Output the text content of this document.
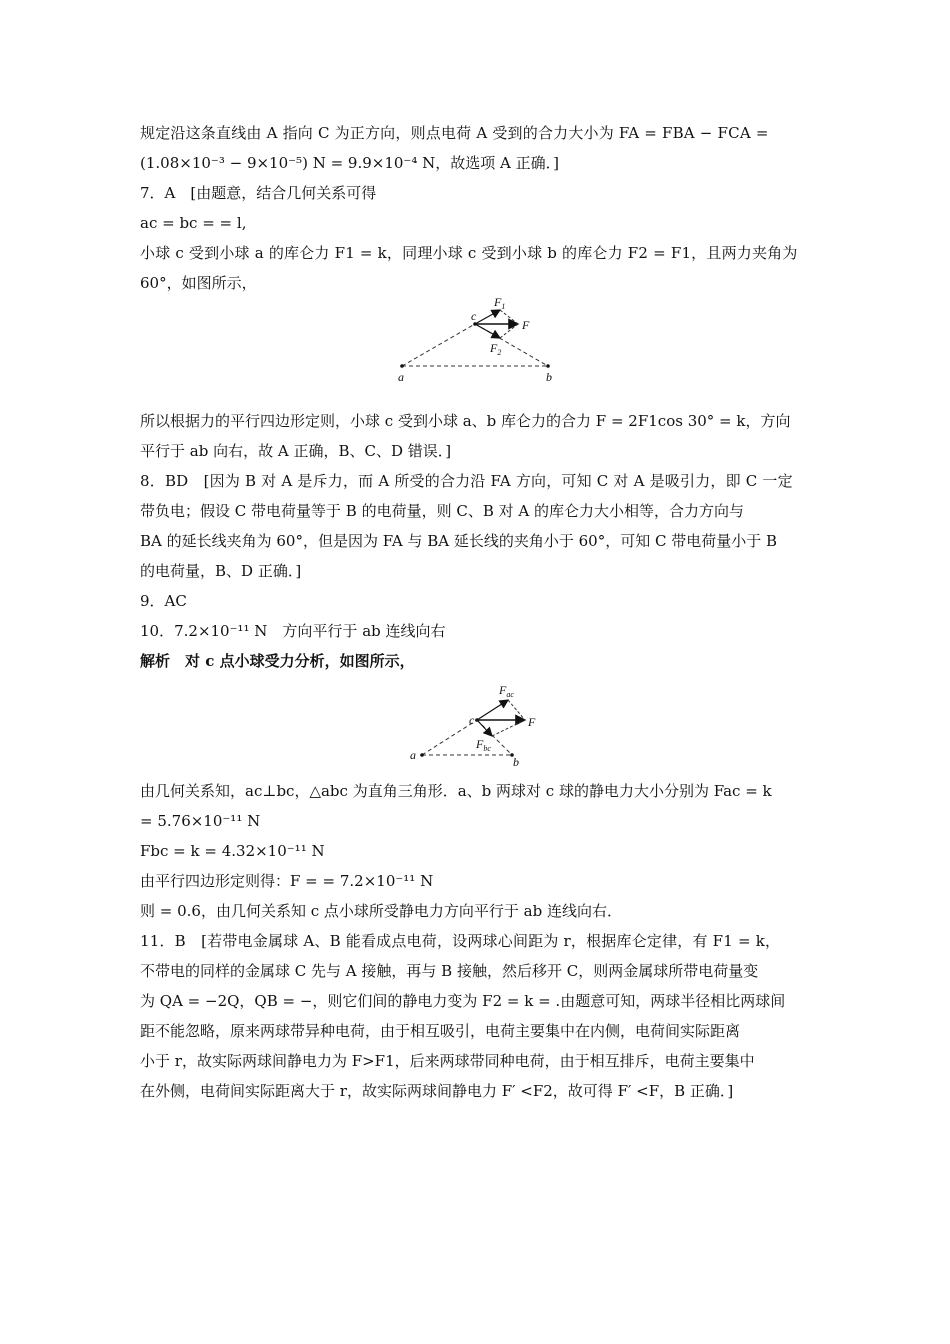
规定沿这条直线由 A 指向 C 为正方向，则点电荷 A 受到的合力大小为 FA = FBA − FCA =
(1.08×10⁻³ − 9×10⁻⁵) N = 9.9×10⁻⁴ N，故选项 A 正确．]
7．A　[由题意，结合几何关系可得
ac = bc = = l,
小球 c 受到小球 a 的库仑力 F1 = k，同理小球 c 受到小球 b 的库仑力 F2 = F1，且两力夹角为
60°，如图所示，
a	b
c
$F_1$
F
$F_2$
所以根据力的平行四边形定则，小球 c 受到小球 a、b 库仑力的合力 F = 2F1cos 30° = k，方向
平行于 ab 向右，故 A 正确，B、C、D 错误．]
8．BD　[因为 B 对 A 是斥力，而 A 所受的合力沿 FA 方向，可知 C 对 A 是吸引力，即 C 一定
带负电；假设 C 带电荷量等于 B 的电荷量，则 C、B 对 A 的库仑力大小相等，合力方向与
BA 的延长线夹角为 60°，但是因为 FA 与 BA 延长线的夹角小于 60°，可知 C 带电荷量小于 B
的电荷量，B、D 正确．]
9．AC
10．7.2×10⁻¹¹ N　方向平行于 ab 连线向右
解析　对 c 点小球受力分析，如图所示，
a	b
c
$F_{ac}$
F
$F_{bc}$
由几何关系知，ac⊥bc，△abc 为直角三角形．a、b 两球对 c 球的静电力大小分别为 Fac = k
= 5.76×10⁻¹¹ N
Fbc = k = 4.32×10⁻¹¹ N
由平行四边形定则得：F = = 7.2×10⁻¹¹ N
则 = 0.6，由几何关系知 c 点小球所受静电力方向平行于 ab 连线向右．
11．B　[若带电金属球 A、B 能看成点电荷，设两球心间距为 r，根据库仑定律，有 F1 = k，
不带电的同样的金属球 C 先与 A 接触，再与 B 接触，然后移开 C，则两金属球所带电荷量变
为 QA = −2Q，QB = −，则它们间的静电力变为 F2 = k = .由题意可知，两球半径相比两球间
距不能忽略，原来两球带异种电荷，由于相互吸引，电荷主要集中在内侧，电荷间实际距离
小于 r，故实际两球间静电力为 F>F1，后来两球带同种电荷，由于相互排斥，电荷主要集中
在外侧，电荷间实际距离大于 r，故实际两球间静电力 F′ <F2，故可得 F′ <F，B 正确．]
